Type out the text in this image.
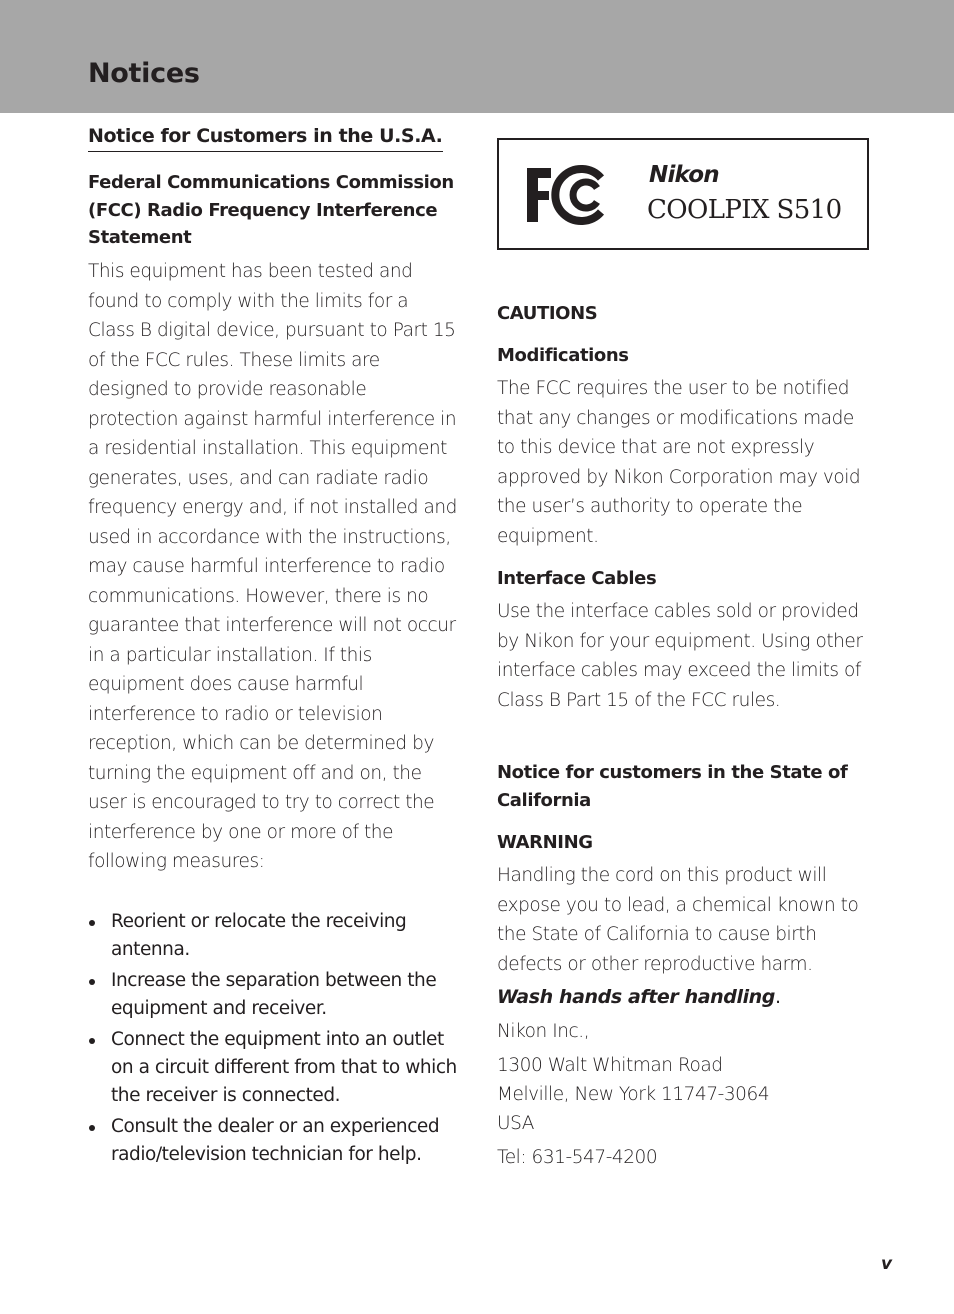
Notices
Notice for Customers in the U.S.A.
Federal Communications Commission (FCC) Radio Frequency Interference Statement

This equipment has been tested and found to comply with the limits for a Class B digital device, pursuant to Part 15 of the FCC rules. These limits are designed to provide reasonable protection against harmful interference in a residential installation. This equipment generates, uses, and can radiate radio frequency energy and, if not installed and used in accordance with the instructions, may cause harmful interference to radio communications. However, there is no guarantee that interference will not occur in a particular installation. If this equipment does cause harmful interference to radio or television reception, which can be determined by turning the equipment off and on, the user is encouraged to try to correct the interference by one or more of the following measures:

Reorient or relocate the receiving antenna.
Increase the separation between the equipment and receiver.
Connect the equipment into an outlet on a circuit different from that to which the receiver is connected.
Consult the dealer or an experienced radio/television technician for help.
Nikon
COOLPIX S510
CAUTIONS
Modifications

The FCC requires the user to be notified that any changes or modifications made to this device that are not expressly approved by Nikon Corporation may void the user’s authority to operate the equipment.

Interface Cables

Use the interface cables sold or provided by Nikon for your equipment. Using other interface cables may exceed the limits of Class B Part 15 of the FCC rules.

Notice for customers in the State of California
WARNING

Handling the cord on this product will expose you to lead, a chemical known to the State of California to cause birth defects or other reproductive harm.

Wash hands after handling.

Nikon Inc.,

1300 Walt Whitman Road

Melville, New York 11747-3064

USA

Tel: 631-547-4200

v
